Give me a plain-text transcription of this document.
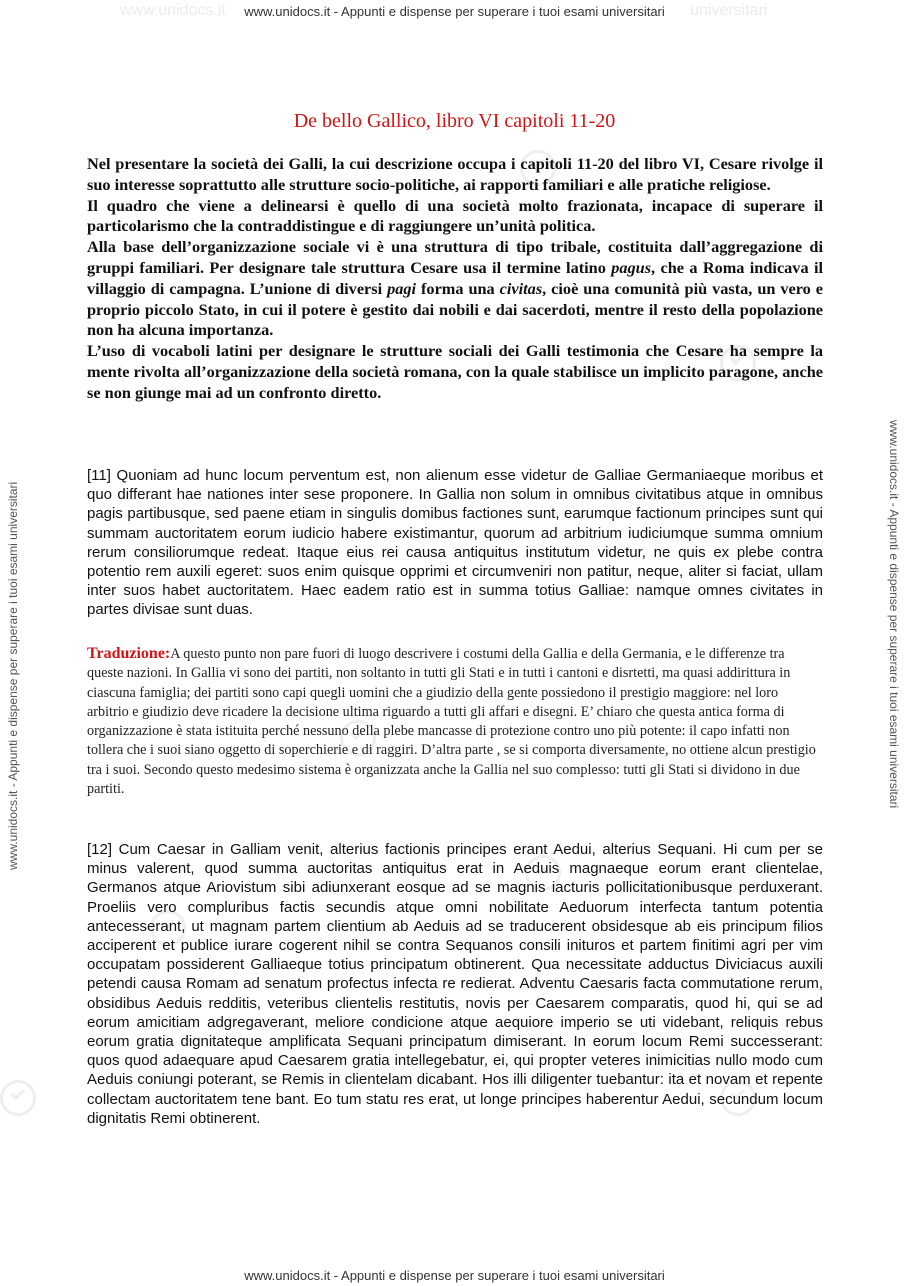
www.unidocs.it - Appunti e dispense per superare i tuoi esami universitari
www.unidocs.it	universitari
www.unidocs.it - Appunti e dispense per superare i tuoi esami universitari	www.unidocs.it - Appunti e dispense per superare i tuoi esami universitari
De bello Gallico, libro VI capitoli 11-20

Nel presentare la società dei Galli, la cui descrizione occupa i capitoli 11-20 del libro VI, Cesare rivolge il suo interesse soprattutto alle strutture socio-politiche, ai rapporti familiari e alle pratiche religiose.

Il quadro che viene a delinearsi è quello di una società molto frazionata, incapace di superare il particolarismo che la contraddistingue e di raggiungere un’unità politica.

Alla base dell’organizzazione sociale vi è una struttura di tipo tribale, costituita dall’aggregazione di gruppi familiari. Per designare tale struttura Cesare usa il termine latino pagus, che a Roma indicava il villaggio di campagna. L’unione di diversi pagi forma una civitas, cioè una comunità più vasta, un vero e proprio piccolo Stato, in cui il potere è gestito dai nobili e dai sacerdoti, mentre il resto della popolazione non ha alcuna importanza.

L’uso di vocaboli latini per designare le strutture sociali dei Galli testimonia che Cesare ha sempre la mente rivolta all’organizzazione della società romana, con la quale stabilisce un implicito paragone, anche se non giunge mai ad un confronto diretto.

[11] Quoniam ad hunc locum perventum est, non alienum esse videtur de Galliae Germaniaeque moribus et quo differant hae nationes inter sese proponere. In Gallia non solum in omnibus civitatibus atque in omnibus pagis partibusque, sed paene etiam in singulis domibus factiones sunt, earumque factionum principes sunt qui summam auctoritatem eorum iudicio habere existimantur, quorum ad arbitrium iudiciumque summa omnium rerum consiliorumque redeat. Itaque eius rei causa antiquitus institutum videtur, ne quis ex plebe contra potentio rem auxili egeret: suos enim quisque opprimi et circumveniri non patitur, neque, aliter si faciat, ullam inter suos habet auctoritatem. Haec eadem ratio est in summa totius Galliae: namque omnes civitates in partes divisae sunt duas.

Traduzione:A questo punto non pare fuori di luogo descrivere i costumi della Gallia e della Germania, e le differenze tra queste nazioni. In Gallia vi sono dei partiti, non soltanto in tutti gli Stati e in tutti i cantoni e disrtetti, ma quasi addirittura in ciascuna famiglia; dei partiti sono capi quegli uomini che a giudizio della gente possiedono il prestigio maggiore: nel loro arbitrio e giudizio deve ricadere la decisione ultima riguardo a tutti gli affari e disegni. E’ chiaro che questa antica forma di organizzazione è stata istituita perché nessuno della plebe mancasse di protezione contro uno più potente: il capo infatti non tollera che i suoi siano oggetto di soperchierie e di raggiri. D’altra parte , se si comporta diversamente, no ottiene alcun prestigio tra i suoi. Secondo questo medesimo sistema è organizzata anche la Gallia nel suo complesso: tutti gli Stati si dividono in due partiti.

[12] Cum Caesar in Galliam venit, alterius factionis principes erant Aedui, alterius Sequani. Hi cum per se minus valerent, quod summa auctoritas antiquitus erat in Aeduis magnaeque eorum erant clientelae, Germanos atque Ariovistum sibi adiunxerant eosque ad se magnis iacturis pollicitationibusque perduxerant. Proeliis vero compluribus factis secundis atque omni nobilitate Aeduorum interfecta tantum potentia antecesserant, ut magnam partem clientium ab Aeduis ad se traducerent obsidesque ab eis principum filios acciperent et publice iurare cogerent nihil se contra Sequanos consili inituros et partem finitimi agri per vim occupatam possiderent Galliaeque totius principatum obtinerent. Qua necessitate adductus Diviciacus auxili petendi causa Romam ad senatum profectus infecta re redierat. Adventu Caesaris facta commutatione rerum, obsidibus Aeduis redditis, veteribus clientelis restitutis, novis per Caesarem comparatis, quod hi, qui se ad eorum amicitiam adgregaverant, meliore condicione atque aequiore imperio se uti videbant, reliquis rebus eorum gratia dignitateque amplificata Sequani principatum dimiserant. In eorum locum Remi successerant: quos quod adaequare apud Caesarem gratia intellegebatur, ei, qui propter veteres inimicitias nullo modo cum Aeduis coniungi poterant, se Remis in clientelam dicabant. Hos illi diligenter tuebantur: ita et novam et repente collectam auctoritatem tene bant. Eo tum statu res erat, ut longe principes haberentur Aedui, secundum locum dignitatis Remi obtinerent.

www.unidocs.it - Appunti e dispense per superare i tuoi esami universitari
